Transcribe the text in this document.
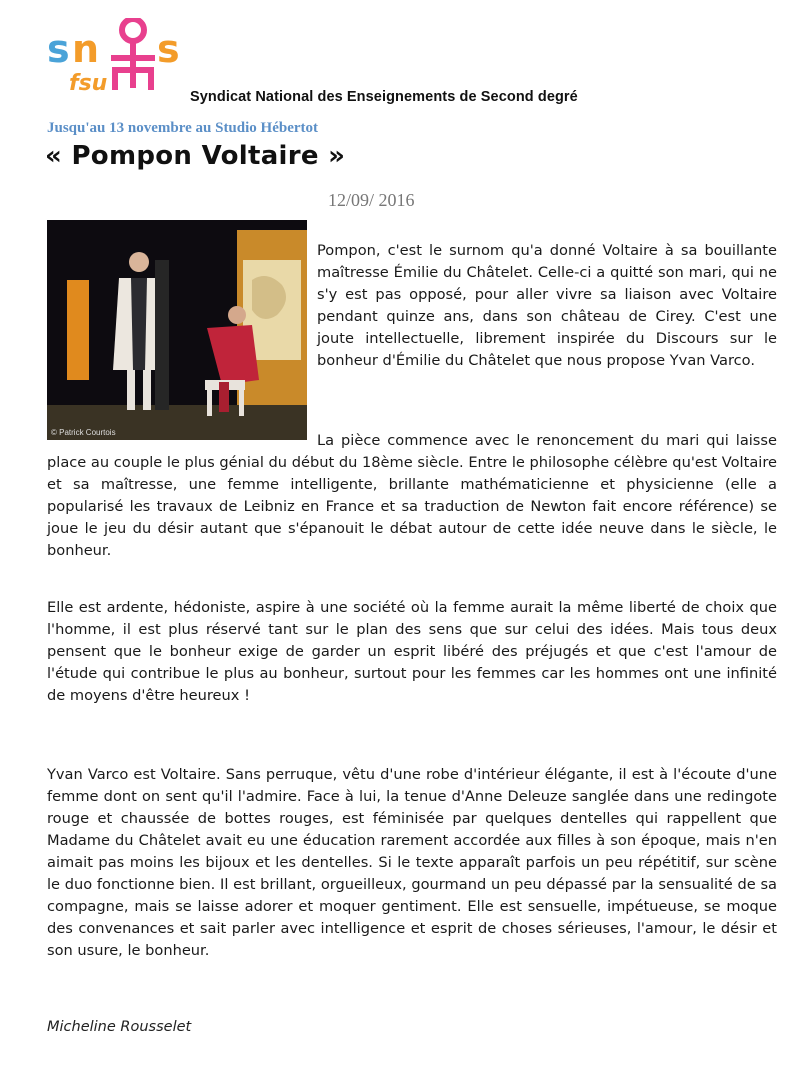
s n s
fsu
Syndicat National des Enseignements de Second degré
Jusqu'au 13 novembre au Studio Hébertot
« Pompon Voltaire »
12/09/ 2016
© Patrick Courtois

Pompon, c'est le surnom qu'a donné Voltaire à sa bouillante maîtresse Émilie du Châtelet. Celle-ci a quitté son mari, qui ne s'y est pas opposé, pour aller vivre sa liaison avec Voltaire pendant quinze ans, dans son château de Cirey. C'est une joute intellectuelle, librement inspirée du Discours sur le bonheur d'Émilie du Châtelet que nous propose Yvan Varco.

La pièce commence avec le renoncement du mari qui laisse place au couple le plus génial du début du 18ème siècle. Entre le philosophe célèbre qu'est Voltaire et sa maîtresse, une femme intelligente, brillante mathématicienne et physicienne (elle a popularisé les travaux de Leibniz en France et sa traduction de Newton fait encore référence) se joue le jeu du désir autant que s'épanouit le débat autour de cette idée neuve dans le siècle, le bonheur.

Elle est ardente, hédoniste, aspire à une société où la femme aurait la même liberté de choix que l'homme, il est plus réservé tant sur le plan des sens que sur celui des idées. Mais tous deux pensent que le bonheur exige de garder un esprit libéré des préjugés et que c'est l'amour de l'étude qui contribue le plus au bonheur, surtout pour les femmes car les hommes ont une infinité de moyens d'être heureux !

Yvan Varco est Voltaire. Sans perruque, vêtu d'une robe d'intérieur élégante, il est à l'écoute d'une femme dont on sent qu'il l'admire. Face à lui, la tenue d'Anne Deleuze sanglée dans une redingote rouge et chaussée de bottes rouges, est féminisée par quelques dentelles qui rappellent que Madame du Châtelet avait eu une éducation rarement accordée aux filles à son époque, mais n'en aimait pas moins les bijoux et les dentelles. Si le texte apparaît parfois un peu répétitif, sur scène le duo fonctionne bien. Il est brillant, orgueilleux, gourmand un peu dépassé par la sensualité de sa compagne, mais se laisse adorer et moquer gentiment. Elle est sensuelle, impétueuse, se moque des convenances et sait parler avec intelligence et esprit de choses sérieuses, l'amour, le désir et son usure, le bonheur.

Micheline Rousselet
